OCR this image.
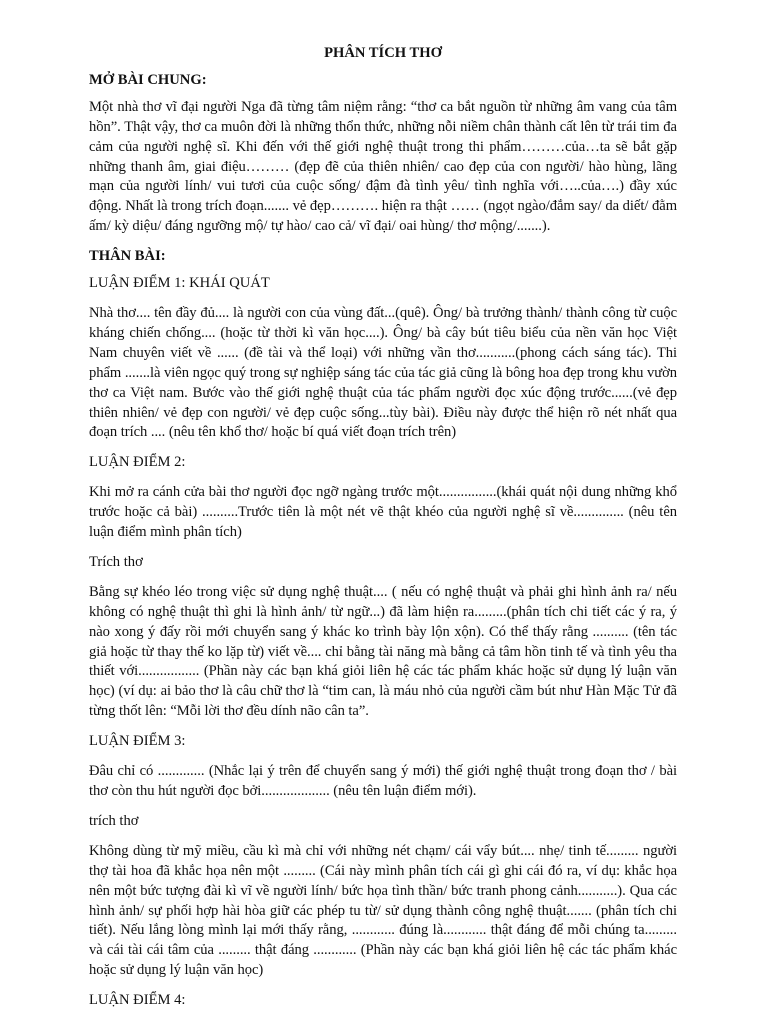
PHÂN TÍCH THƠ
MỞ BÀI CHUNG:

Một nhà thơ vĩ đại người Nga đã từng tâm niệm rằng: “thơ ca bắt nguồn từ những âm vang của tâm hồn”. Thật vậy, thơ ca muôn đời là những thổn thức, những nỗi niềm chân thành cất lên từ trái tim đa cảm của người nghệ sĩ. Khi đến với thế giới nghệ thuật trong thi phẩm………của…ta sẽ bắt gặp những thanh âm, giai điệu……… (đẹp đẽ của thiên nhiên/ cao đẹp của con người/ hào hùng, lãng mạn của người lính/ vui tươi của cuộc sống/ đậm đà tình yêu/ tình nghĩa với…..của….) đầy xúc động. Nhất là trong trích đoạn....... vẻ đẹp………. hiện ra thật …… (ngọt ngào/đắm say/ da diết/ đằm ấm/ kỳ diệu/ đáng ngưỡng mộ/ tự hào/ cao cả/ vĩ đại/ oai hùng/ thơ mộng/.......).

THÂN BÀI:

LUẬN ĐIỂM 1: KHÁI QUÁT

Nhà thơ.... tên đầy đủ.... là người con của vùng đất...(quê). Ông/ bà trưởng thành/ thành công từ cuộc kháng chiến chống.... (hoặc từ thời kì văn học....). Ông/ bà cây bút tiêu biểu của nền văn học Việt Nam chuyên viết về ...... (đề tài và thể loại) với những vần thơ...........(phong cách sáng tác). Thi phẩm .......là viên ngọc quý trong sự nghiệp sáng tác của tác giả cũng là bông hoa đẹp trong khu vườn thơ ca Việt nam. Bước vào thế giới nghệ thuật của tác phẩm người đọc xúc động trước......(vẻ đẹp thiên nhiên/ vẻ đẹp con người/ vẻ đẹp cuộc sống...tùy bài). Điều này được thể hiện rõ nét nhất qua đoạn trích .... (nêu tên khổ thơ/ hoặc bí quá viết đoạn trích trên)

LUẬN ĐIỂM 2:

Khi mở ra cánh cửa bài thơ người đọc ngỡ ngàng trước một................(khái quát nội dung những khổ trước hoặc cả bài) ..........Trước tiên là một nét vẽ thật khéo của người nghệ sĩ về.............. (nêu tên luận điểm mình phân tích)

Trích thơ

Bằng sự khéo léo trong việc sử dụng nghệ thuật.... ( nếu có nghệ thuật và phải ghi hình ảnh ra/ nếu không có nghệ thuật thì ghi là hình ảnh/ từ ngữ...) đã làm hiện ra.........(phân tích chi tiết các ý ra, ý nào xong ý đấy rồi mới chuyển sang ý khác ko trình bày lộn xộn). Có thể thấy rằng .......... (tên tác giả hoặc từ thay thế ko lặp từ) viết về.... chỉ bằng tài năng mà bằng cả tâm hồn tinh tế và tình yêu tha thiết với................. (Phần này các bạn khá giỏi liên hệ các tác phẩm khác hoặc sử dụng lý luận văn học) (ví dụ: ai bảo thơ là câu chữ thơ là “tim can, là máu nhỏ của người cầm bút như Hàn Mặc Tử đã từng thốt lên: “Mỗi lời thơ đều dính não cân ta”.

LUẬN ĐIỂM 3:

Đâu chỉ có ............. (Nhắc lại ý trên để chuyển sang ý mới) thế giới nghệ thuật trong đoạn thơ / bài thơ còn thu hút người đọc bởi................... (nêu tên luận điểm mới).

trích thơ

Không dùng từ mỹ miều, cầu kì mà chỉ với những nét chạm/ cái vẩy bút.... nhẹ/ tinh tế......... người thợ tài hoa đã khắc họa nên một ......... (Cái này mình phân tích cái gì ghi cái đó ra, ví dụ: khắc họa nên một bức tượng đài kì vĩ về người lính/ bức họa tình thần/ bức tranh phong cảnh...........). Qua các hình ảnh/ sự phối hợp hài hòa giữ các phép tu từ/ sử dụng thành công nghệ thuật....... (phân tích chi tiết). Nếu lắng lòng mình lại mới thấy rằng, ............ đúng là............ thật đáng để mỗi chúng ta......... và cái tài cái tâm của ......... thật đáng ............ (Phần này các bạn khá giỏi liên hệ các tác phẩm khác hoặc sử dụng lý luận văn học)

LUẬN ĐIỂM 4:
